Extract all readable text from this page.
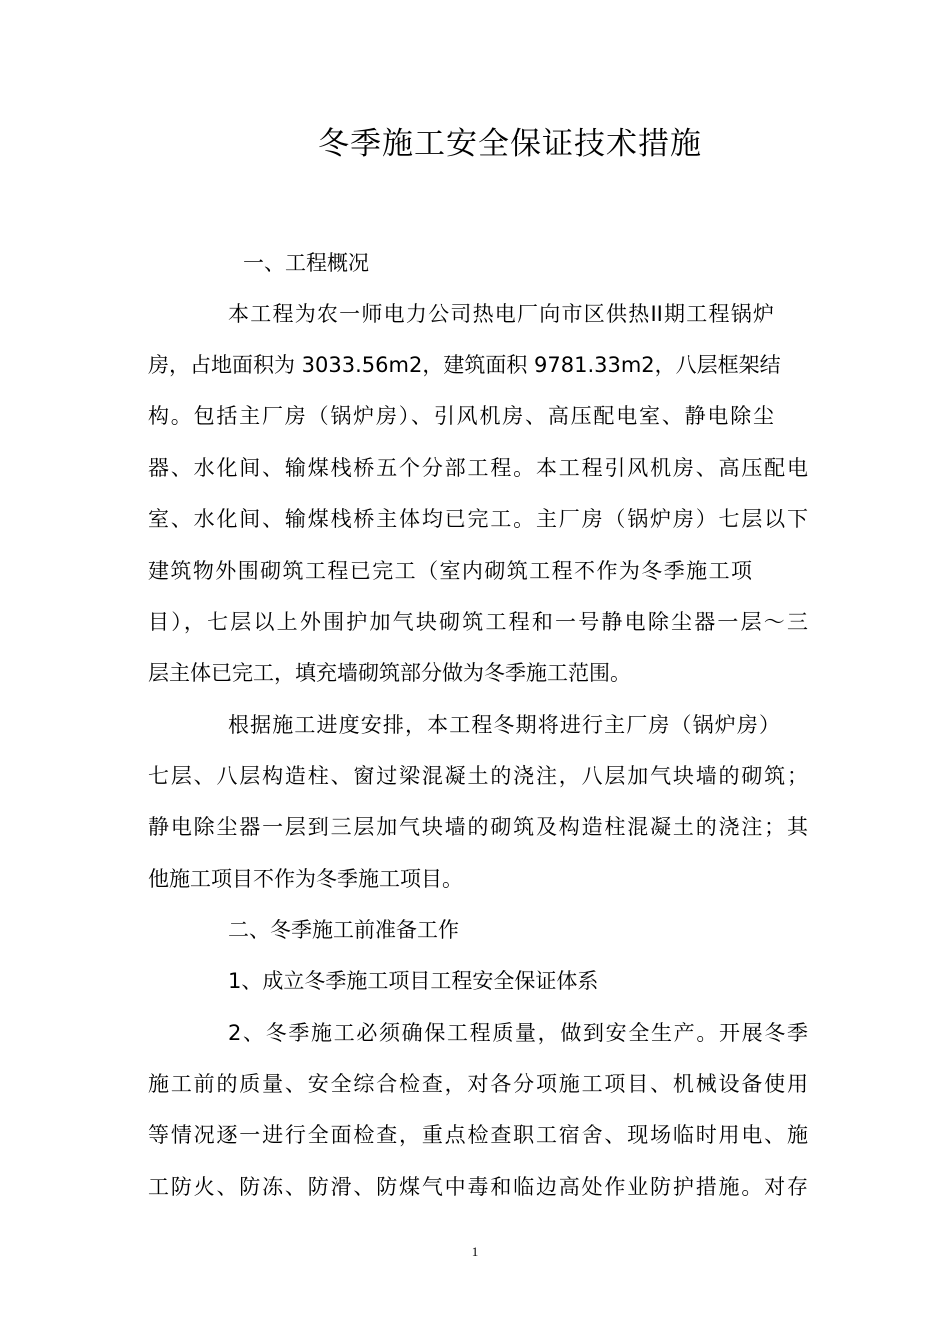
冬季施工安全保证技术措施
一、工程概况
本工程为农一师电力公司热电厂向市区供热II期工程锅炉
房，占地面积为 3033.56m2，建筑面积 9781.33m2，八层框架结
构。包括主厂房（锅炉房）、引风机房、高压配电室、静电除尘
器、水化间、输煤栈桥五个分部工程。本工程引风机房、高压配电
室、水化间、输煤栈桥主体均已完工。主厂房（锅炉房）七层以下
建筑物外围砌筑工程已完工（室内砌筑工程不作为冬季施工项
目），七层以上外围护加气块砌筑工程和一号静电除尘器一层～三
层主体已完工，填充墙砌筑部分做为冬季施工范围。
根据施工进度安排，本工程冬期将进行主厂房（锅炉房）
七层、八层构造柱、窗过梁混凝土的浇注，八层加气块墙的砌筑；
静电除尘器一层到三层加气块墙的砌筑及构造柱混凝土的浇注；其
他施工项目不作为冬季施工项目。
二、冬季施工前准备工作
1、成立冬季施工项目工程安全保证体系
2、冬季施工必须确保工程质量，做到安全生产。开展冬季
施工前的质量、安全综合检查，对各分项施工项目、机械设备使用
等情况逐一进行全面检查，重点检查职工宿舍、现场临时用电、施
工防火、防冻、防滑、防煤气中毒和临边高处作业防护措施。对存
1
